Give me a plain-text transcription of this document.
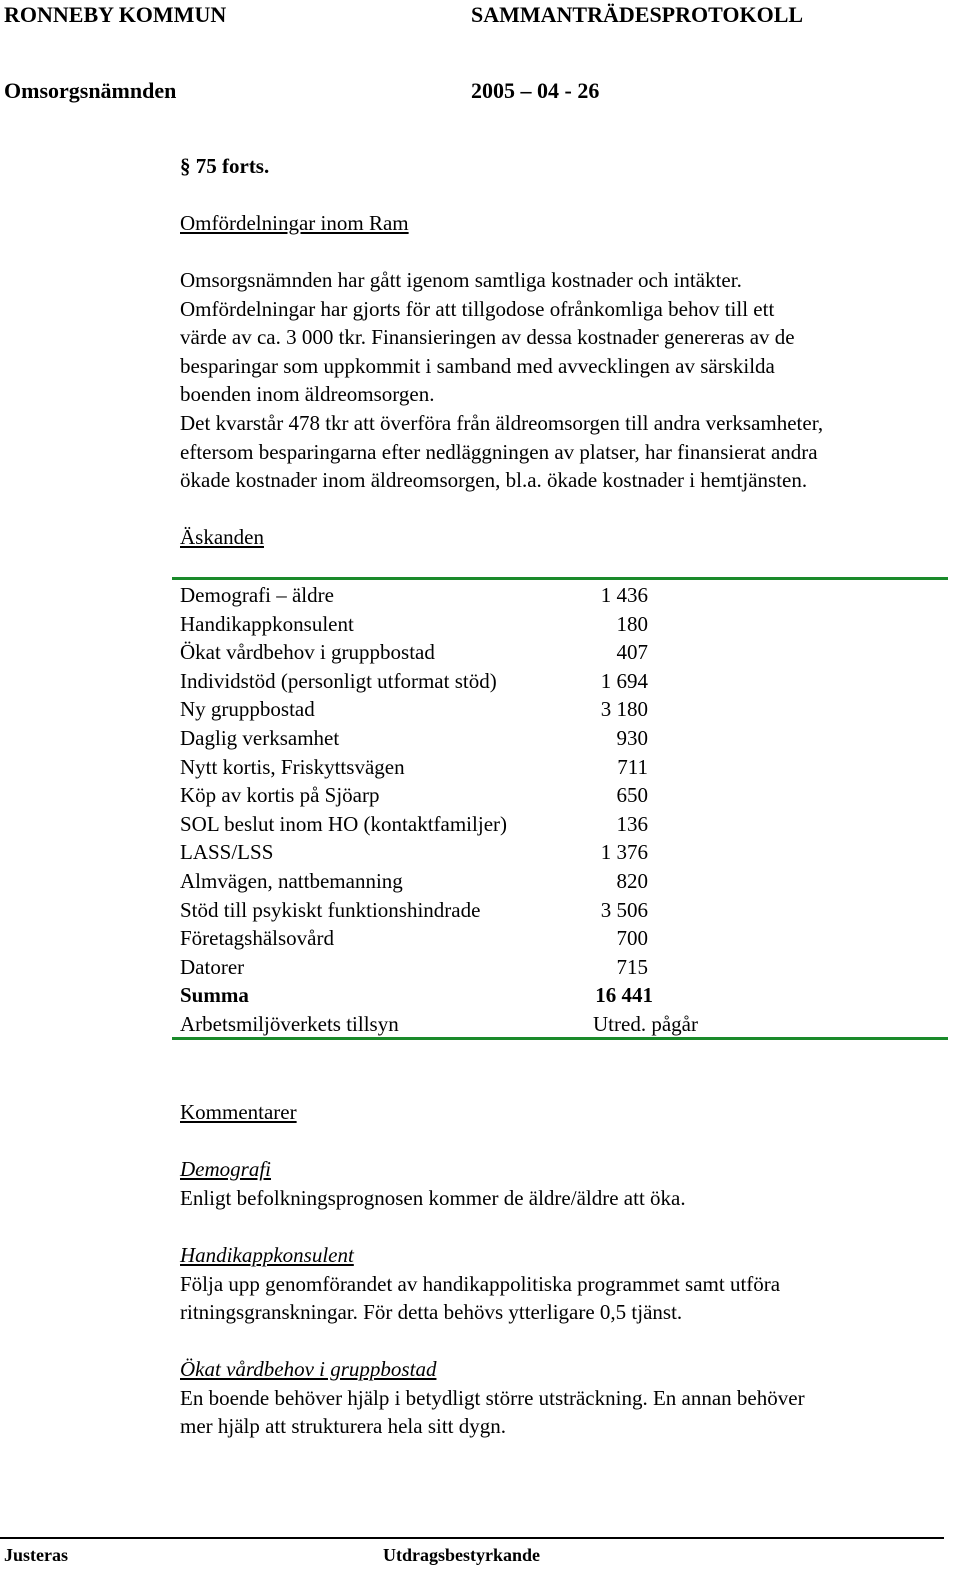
RONNEBY KOMMUN	SAMMANTRÄDESPROTOKOLL
Omsorgsnämnden	2005 – 04 - 26
§ 75 forts.
Omfördelningar inom Ram
Omsorgsnämnden har gått igenom samtliga kostnader och intäkter.
Omfördelningar har gjorts för att tillgodose ofrånkomliga behov till ett
värde av ca. 3 000 tkr. Finansieringen av dessa kostnader genereras av de
besparingar som uppkommit i samband med avvecklingen av särskilda
boenden inom äldreomsorgen.
Det kvarstår 478 tkr att överföra från äldreomsorgen till andra verksamheter,
eftersom besparingarna efter nedläggningen av platser, har finansierat andra
ökade kostnader inom äldreomsorgen, bl.a. ökade kostnader i hemtjänsten.
Äskanden
Demografi – äldre	1 436
Handikappkonsulent	180
Ökat vårdbehov i gruppbostad	407
Individstöd (personligt utformat stöd)	1 694
Ny gruppbostad	3 180
Daglig verksamhet	930
Nytt kortis, Friskyttsvägen	711
Köp av kortis på Sjöarp	650
SOL beslut inom HO (kontaktfamiljer)	136
LASS/LSS	1 376
Almvägen, nattbemanning	820
Stöd till psykiskt funktionshindrade	3 506
Företagshälsovård	700
Datorer	715
Summa	16 441
Arbetsmiljöverkets tillsyn	Utred. pågår
Kommentarer
Demografi
Enligt befolkningsprognosen kommer de äldre/äldre att öka.
Handikappkonsulent
Följa upp genomförandet av handikappolitiska programmet samt utföra
ritningsgranskningar. För detta behövs ytterligare 0,5 tjänst.
Ökat vårdbehov i gruppbostad
En boende behöver hjälp i betydligt större utsträckning. En annan behöver
mer hjälp att strukturera hela sitt dygn.
Justeras	Utdragsbestyrkande
